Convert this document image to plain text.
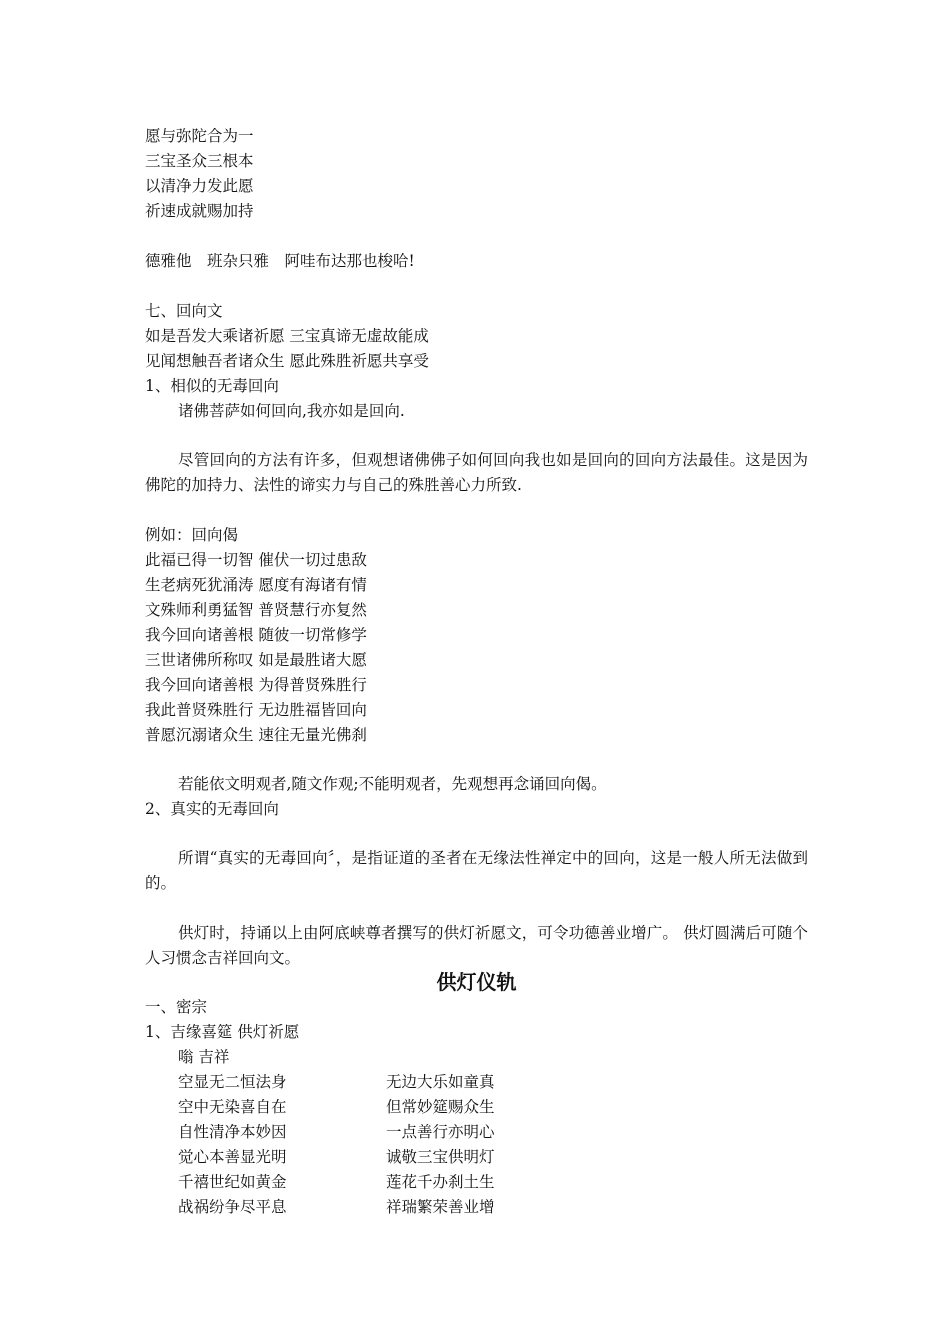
愿与弥陀合为一
三宝圣众三根本
以清净力发此愿
祈速成就赐加持
德雅他　班杂只雅　阿哇布达那也梭哈!
七、回向文
如是吾发大乘诸祈愿 三宝真谛无虚故能成
见闻想触吾者诸众生 愿此殊胜祈愿共享受
1、相似的无毒回向
诸佛菩萨如何回向,我亦如是回向.
尽管回向的方法有许多，但观想诸佛佛子如何回向我也如是回向的回向方法最佳。这是因为佛陀的加持力、法性的谛实力与自己的殊胜善心力所致.
例如：回向偈
此福已得一切智 催伏一切过患敌
生老病死犹涌涛 愿度有海诸有情
文殊师利勇猛智 普贤慧行亦复然
我今回向诸善根 随彼一切常修学
三世诸佛所称叹 如是最胜诸大愿
我今回向诸善根 为得普贤殊胜行
我此普贤殊胜行 无边胜福皆回向
普愿沉溺诸众生 速往无量光佛刹
若能依文明观者,随文作观;不能明观者，先观想再念诵回向偈。
2、真实的无毒回向
所谓“真实的无毒回向〞，是指证道的圣者在无缘法性禅定中的回向，这是一般人所无法做到的。
供灯时，持诵以上由阿底峡尊者撰写的供灯祈愿文，可令功德善业增广。 供灯圆满后可随个人习惯念吉祥回向文。
供灯仪轨
一、密宗
1、吉缘喜筵 供灯祈愿
嗡 吉祥
空显无二恒法身	无边大乐如童真
空中无染喜自在	但常妙筵赐众生
自性清净本妙因	一点善行亦明心
觉心本善显光明	诚敬三宝供明灯
千禧世纪如黄金	莲花千办刹土生
战祸纷争尽平息	祥瑞繁荣善业增
